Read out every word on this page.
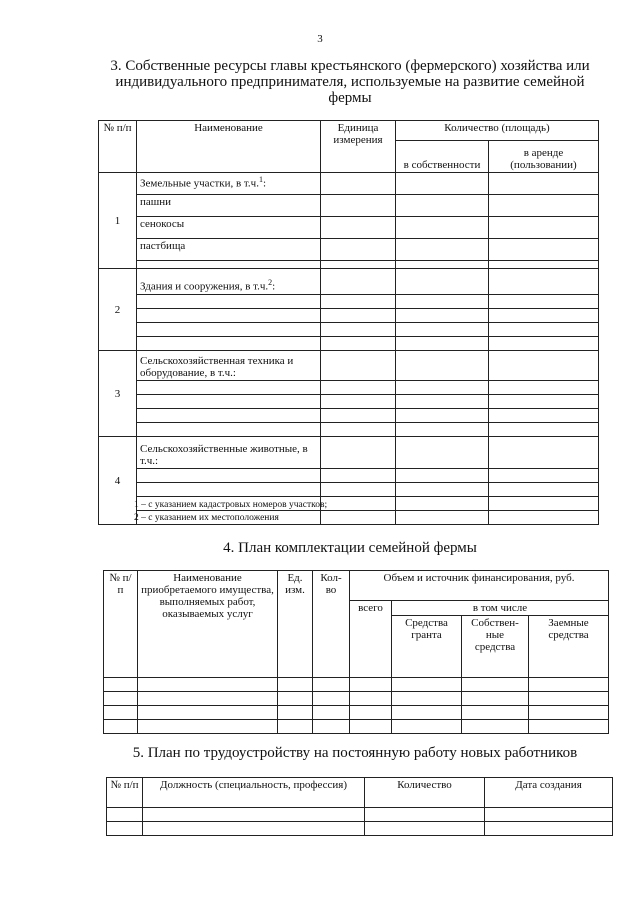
3
3. Собственные ресурсы главы крестьянского (фермерского) хозяйства или
индивидуального предпринимателя, используемые на развитие семейной
фермы
№ п/п	Наименование	Единица измерения	Количество (площадь)	
			в собственности	в аренде (пользовании)
1	Земельные участки, в т.ч.$^1$:			
	пашни			
	сенокосы			
	пастбища			

2	Здания и сооружения, в т.ч.$^2$:			

3	Сельскохозяйственная техника и оборудование, в т.ч.:			

4	Сельскохозяйственные животные, в т.ч.:			

1 – с указанием кадастровых номеров участков;
2 – с указанием их местоположения
4. План комплектации семейной фермы
№ п/п	Наименование приобретаемого имущества, выполняемых работ, оказываемых услуг	Ед. изм.	Кол-во	Объем и источник финансирования, руб.			
				всего	в том числе		
					Средства гранта	Собствен-ные средства	Заемные средства

5. План по трудоустройству на постоянную работу новых работников
№ п/п	Должность (специальность, профессия)	Количество	Дата создания
